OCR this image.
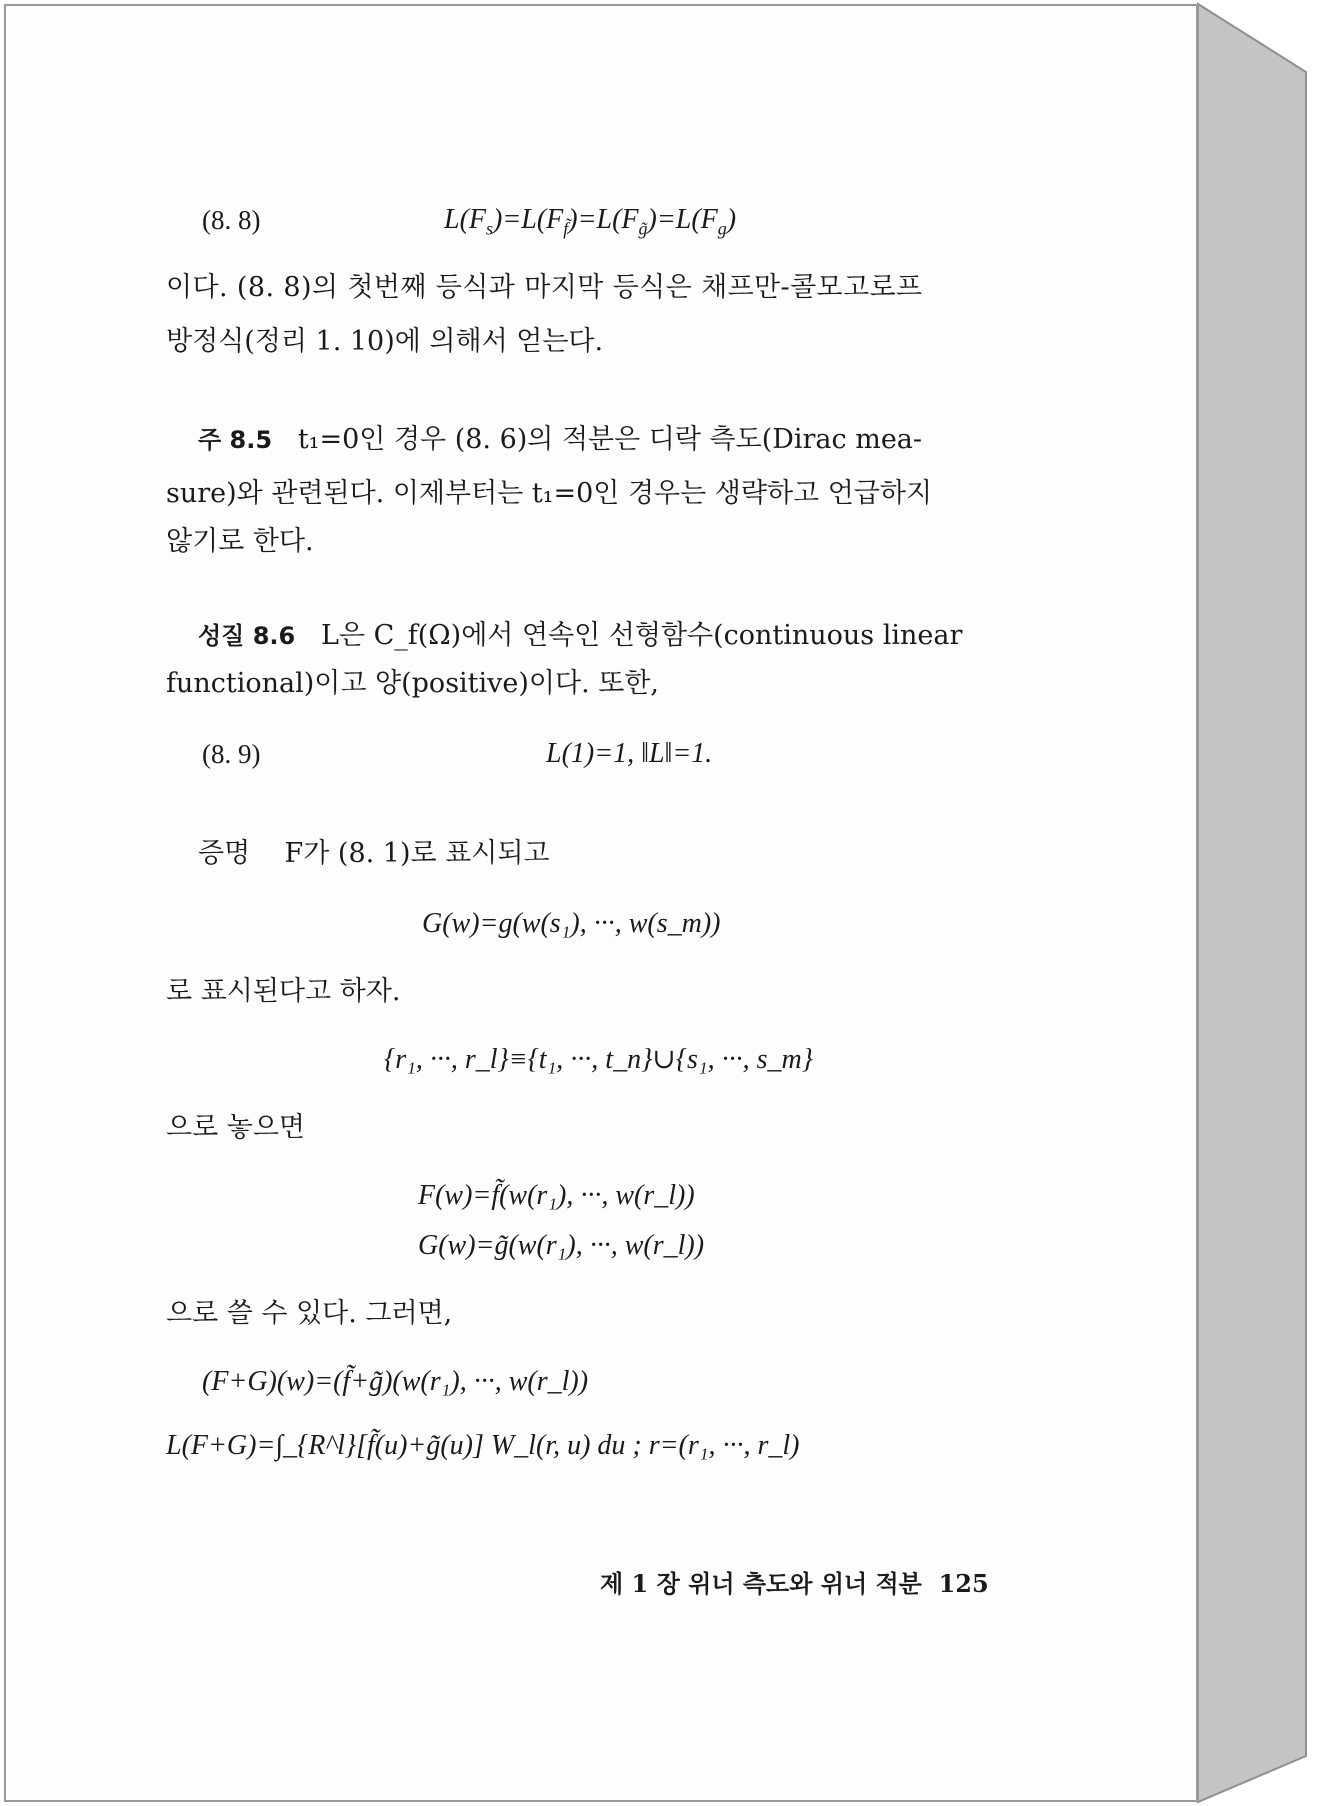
(8. 8)	$L(F_s)=L(F_{f̃})=L(F_{g̃})=L(F_g)$
이다. (8. 8)의 첫번째 등식과 마지막 등식은 채프만-콜모고로프
방정식(정리 1. 10)에 의해서 얻는다.
주 8.5 t₁=0인 경우 (8. 6)의 적분은 디락 측도(Dirac mea-
sure)와 관련된다. 이제부터는 t₁=0인 경우는 생략하고 언급하지
않기로 한다.
성질 8.6 L은 C_f(Ω)에서 연속인 선형함수(continuous linear
functional)이고 양(positive)이다. 또한,
(8. 9)	L(1)=1, ‖L‖=1.
증명 F가 (8. 1)로 표시되고
G(w)=g(w(s₁), ···, w(s_m))
로 표시된다고 하자.
{r₁, ···, r_l}≡{t₁, ···, t_n}∪{s₁, ···, s_m}
으로 놓으면
F(w)=f̃(w(r₁), ···, w(r_l))
G(w)=g̃(w(r₁), ···, w(r_l))
으로 쓸 수 있다. 그러면,
(F+G)(w)=(f̃+g̃)(w(r₁), ···, w(r_l))
L(F+G)=∫_{R^l}[f̃(u)+g̃(u)] W_l(r, u) du ; r=(r₁, ···, r_l)
제 1 장 위너 측도와 위너 적분 125
